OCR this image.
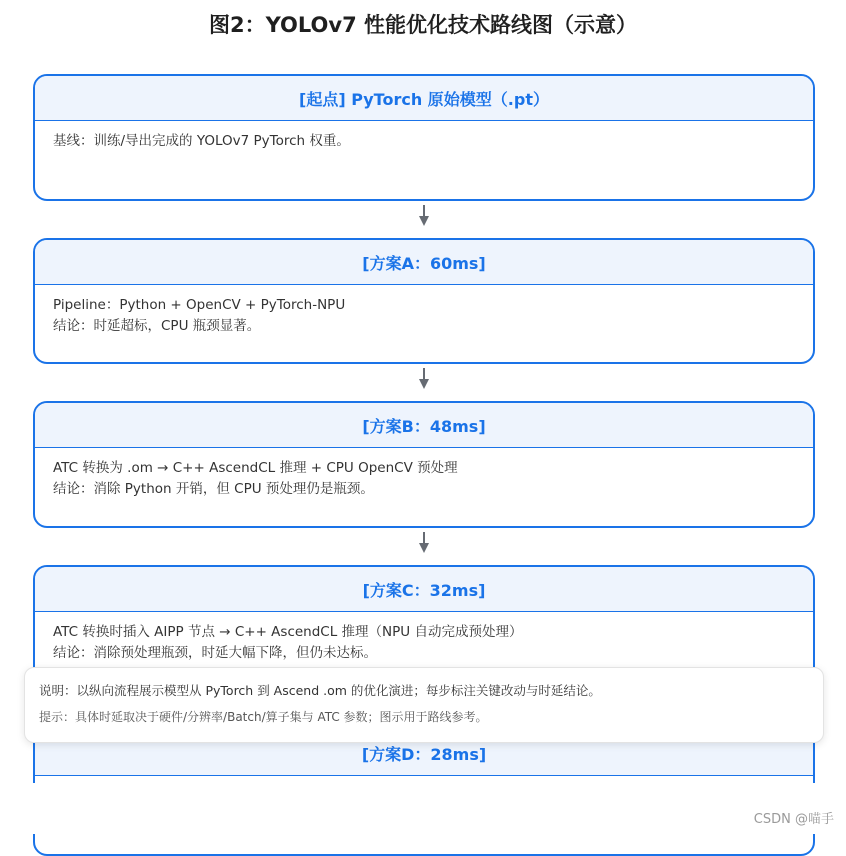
图2：YOLOv7 性能优化技术路线图（示意）
[起点] PyTorch 原始模型（.pt）
基线：训练/导出完成的 YOLOv7 PyTorch 权重。
[方案A：60ms]
Pipeline：Python + OpenCV + PyTorch-NPU
结论：时延超标，CPU 瓶颈显著。
[方案B：48ms]
ATC 转换为 .om → C++ AscendCL 推理 + CPU OpenCV 预处理
结论：消除 Python 开销，但 CPU 预处理仍是瓶颈。
[方案C：32ms]
ATC 转换时插入 AIPP 节点 → C++ AscendCL 推理（NPU 自动完成预处理）
结论：消除预处理瓶颈，时延大幅下降，但仍未达标。
[方案D：28ms]
说明：以纵向流程展示模型从 PyTorch 到 Ascend .om 的优化演进；每步标注关键改动与时延结论。
提示：具体时延取决于硬件/分辨率/Batch/算子集与 ATC 参数；图示用于路线参考。
CSDN @喵手
